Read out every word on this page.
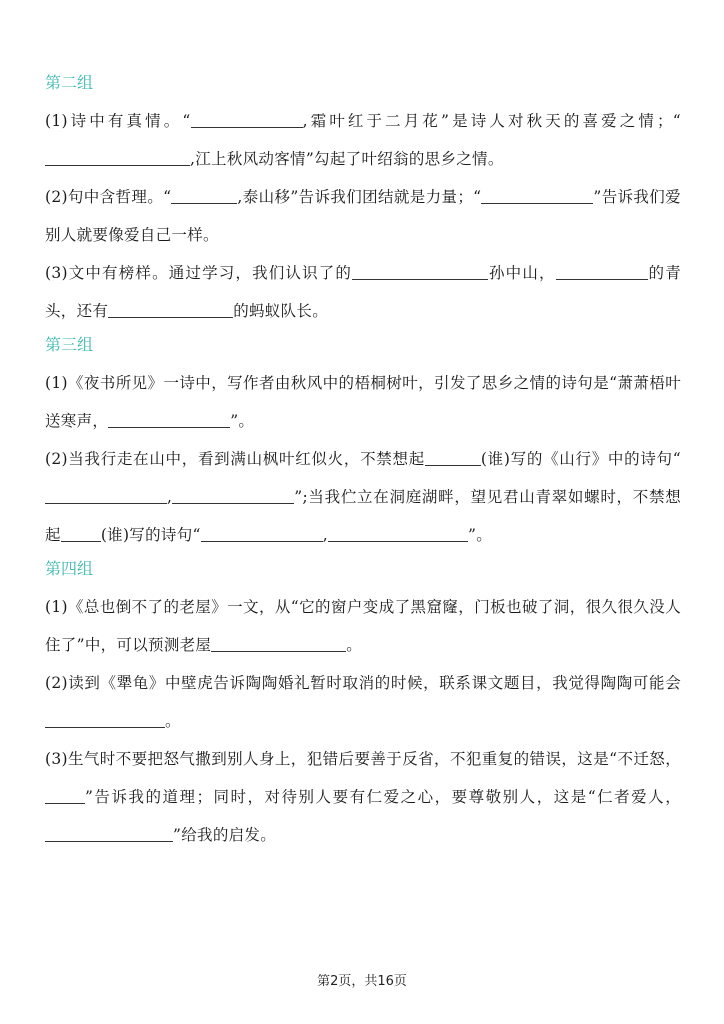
第二组
(1)诗中有真情。“	,霜叶红于二月花”是诗人对秋天的喜爱之情；“,江上秋风动客情”勾起了叶绍翁的思乡之情。
(2)句中含哲理。“	,泰山移”告诉我们团结就是力量；“	”告诉我们爱别人就要像爱自己一样。
(3)文中有榜样。通过学习，我们认识了的	孙中山，	的青头，还有	的蚂蚁队长。
第三组
(1)《夜书所见》一诗中，写作者由秋风中的梧桐树叶，引发了思乡之情的诗句是“萧萧梧叶送寒声，	”。
(2)当我行走在山中，看到满山枫叶红似火，不禁想起	(谁)写的《山行》中的诗句“,	”;当我伫立在洞庭湖畔，望见君山青翠如螺时，不禁想起	(谁)写的诗句“	,	”。
第四组
(1)《总也倒不了的老屋》一文，从“它的窗户变成了黑窟窿，门板也破了洞，很久很久没人住了”中，可以预测老屋	。
(2)读到《犟龟》中壁虎告诉陶陶婚礼暂时取消的时候，联系课文题目，我觉得陶陶可能会。
(3)生气时不要把怒气撒到别人身上，犯错后要善于反省，不犯重复的错误，这是“不迁怒，”告诉我的道理；同时，对待别人要有仁爱之心，要尊敬别人，这是“仁者爱人，”给我的启发。
第2页，共16页
